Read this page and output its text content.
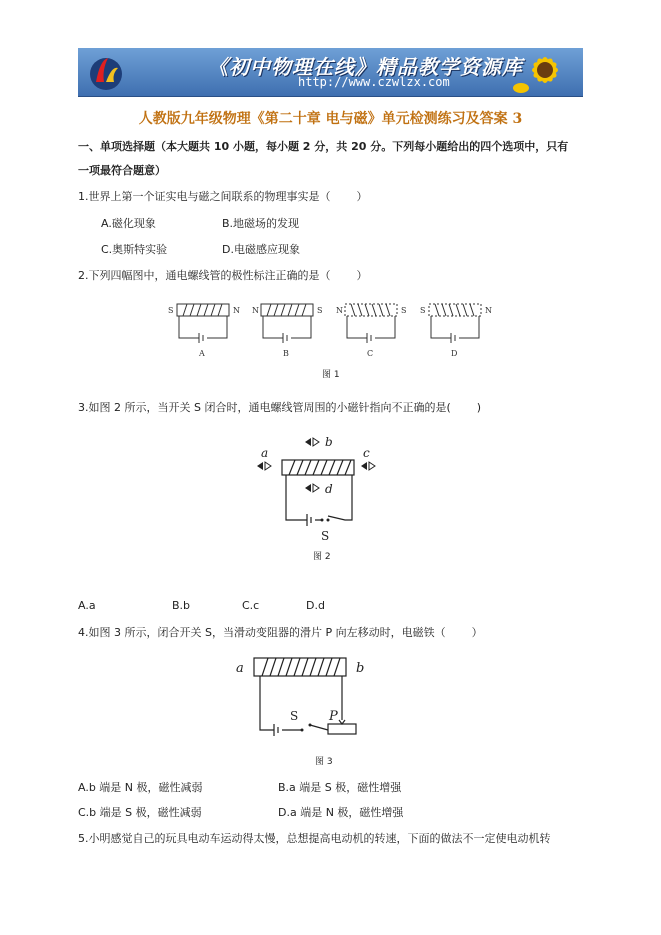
《初中物理在线》精品教学资源库
http://www.czwlzx.com
人教版九年级物理《第二十章 电与磁》单元检测练习及答案 3
一、单项选择题（本大题共 10 小题，每小题 2 分，共 20 分。下列每小题给出的四个选项中，只有
一项最符合题意）
1.世界上第一个证实电与磁之间联系的物理事实是（ ）
A.磁化现象	B.地磁场的发现
C.奥斯特实验	D.电磁感应现象
2.下列四幅图中，通电螺线管的极性标注正确的是（ ）
S	N N	S N	S S	N
A	B	C	D
图 1
3.如图 2 所示，当开关 S 闭合时，通电螺线管周围的小磁针指向不正确的是( )
b
a	c
d
S
图 2
A.a	B.b	C.c	D.d
4.如图 3 所示，闭合开关 S，当滑动变阻器的滑片 P 向左移动时，电磁铁（ ）
a	b
P
S
图 3
A.b 端是 N 极，磁性减弱	B.a 端是 S 极，磁性增强
C.b 端是 S 极，磁性减弱	D.a 端是 N 极，磁性增强
5.小明感觉自己的玩具电动车运动得太慢，总想提高电动机的转速，下面的做法不一定使电动机转
